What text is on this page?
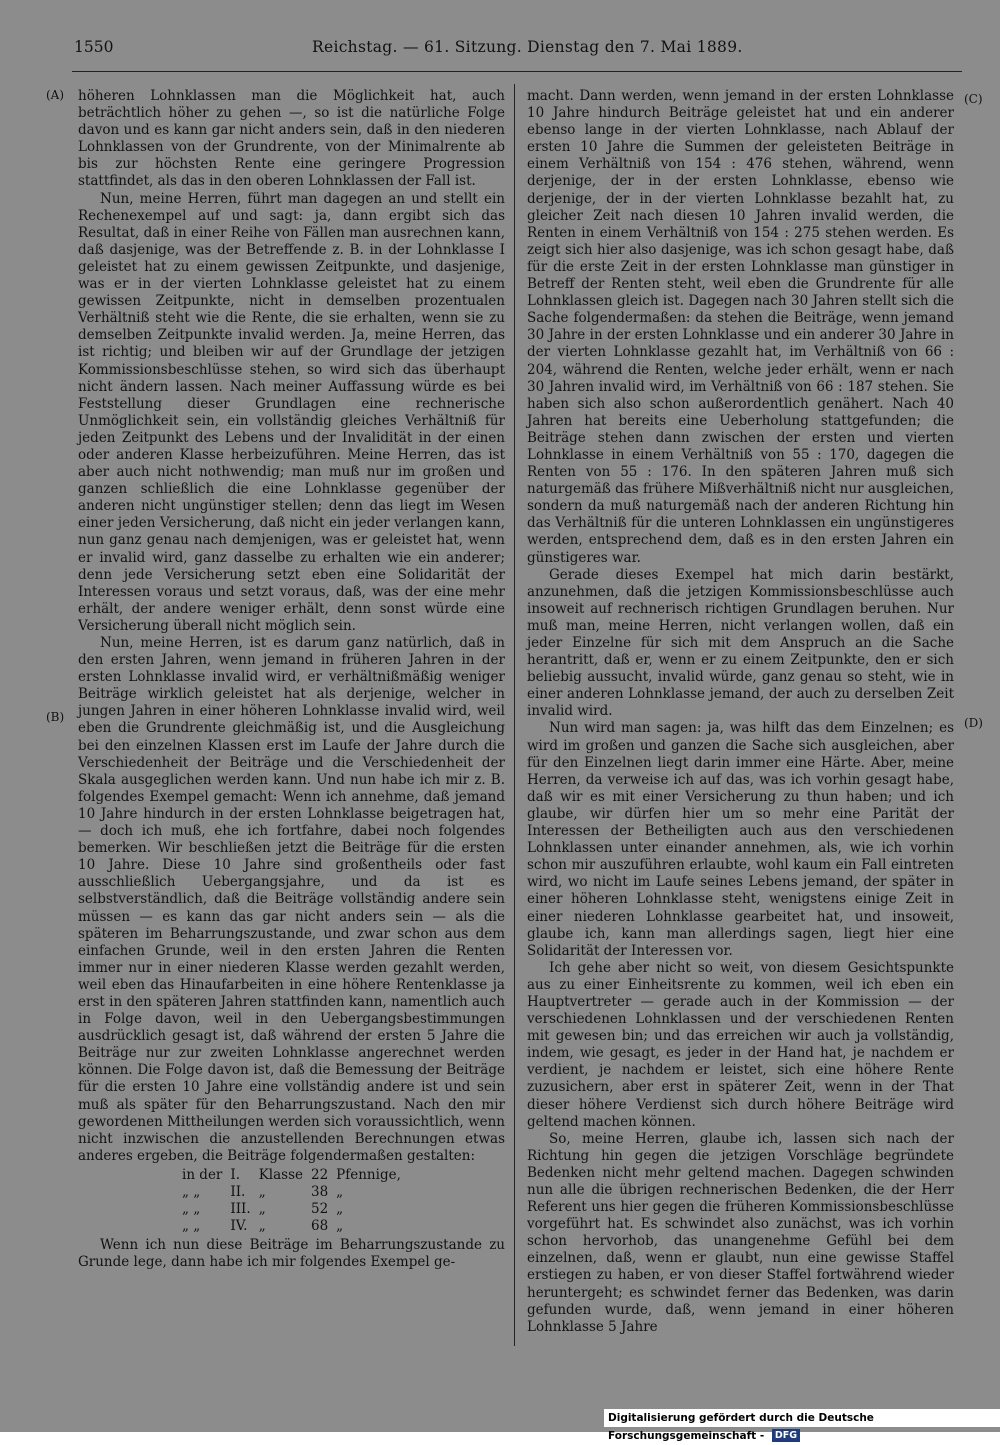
1550	Reichstag. — 61. Sitzung. Dienstag den 7. Mai 1889.
(A)
(B)
(C)
(D)

höheren Lohnklassen man die Möglichkeit hat, auch beträchtlich höher zu gehen —, so ist die natürliche Folge davon und es kann gar nicht anders sein, daß in den niederen Lohnklassen von der Grundrente, von der Minimalrente ab bis zur höchsten Rente eine geringere Progression stattfindet, als das in den oberen Lohnklassen der Fall ist.

Nun, meine Herren, führt man dagegen an und stellt ein Rechenexempel auf und sagt: ja, dann ergibt sich das Resultat, daß in einer Reihe von Fällen man ausrechnen kann, daß dasjenige, was der Betreffende z. B. in der Lohnklasse I geleistet hat zu einem gewissen Zeitpunkte, und dasjenige, was er in der vierten Lohnklasse geleistet hat zu einem gewissen Zeitpunkte, nicht in demselben prozentualen Verhältniß steht wie die Rente, die sie erhalten, wenn sie zu demselben Zeitpunkte invalid werden. Ja, meine Herren, das ist richtig; und bleiben wir auf der Grundlage der jetzigen Kommissionsbeschlüsse stehen, so wird sich das überhaupt nicht ändern lassen. Nach meiner Auffassung würde es bei Feststellung dieser Grundlagen eine rechnerische Unmöglichkeit sein, ein vollständig gleiches Verhältniß für jeden Zeitpunkt des Lebens und der Invalidität in der einen oder anderen Klasse herbeizuführen. Meine Herren, das ist aber auch nicht nothwendig; man muß nur im großen und ganzen schließlich die eine Lohnklasse gegenüber der anderen nicht ungünstiger stellen; denn das liegt im Wesen einer jeden Versicherung, daß nicht ein jeder verlangen kann, nun ganz genau nach demjenigen, was er geleistet hat, wenn er invalid wird, ganz dasselbe zu erhalten wie ein anderer; denn jede Versicherung setzt eben eine Solidarität der Interessen voraus und setzt voraus, daß, was der eine mehr erhält, der andere weniger erhält, denn sonst würde eine Versicherung überall nicht möglich sein.

Nun, meine Herren, ist es darum ganz natürlich, daß in den ersten Jahren, wenn jemand in früheren Jahren in der ersten Lohnklasse invalid wird, er verhältnißmäßig weniger Beiträge wirklich geleistet hat als derjenige, welcher in jungen Jahren in einer höheren Lohnklasse invalid wird, weil eben die Grundrente gleichmäßig ist, und die Ausgleichung bei den einzelnen Klassen erst im Laufe der Jahre durch die Verschiedenheit der Beiträge und die Verschiedenheit der Skala ausgeglichen werden kann. Und nun habe ich mir z. B. folgendes Exempel gemacht: Wenn ich annehme, daß jemand 10 Jahre hindurch in der ersten Lohnklasse beigetragen hat, — doch ich muß, ehe ich fortfahre, dabei noch folgendes bemerken. Wir beschließen jetzt die Beiträge für die ersten 10 Jahre. Diese 10 Jahre sind großentheils oder fast ausschließlich Uebergangsjahre, und da ist es selbstverständlich, daß die Beiträge vollständig andere sein müssen — es kann das gar nicht anders sein — als die späteren im Beharrungszustande, und zwar schon aus dem einfachen Grunde, weil in den ersten Jahren die Renten immer nur in einer niederen Klasse werden gezahlt werden, weil eben das Hinaufarbeiten in eine höhere Rentenklasse ja erst in den späteren Jahren stattfinden kann, namentlich auch in Folge davon, weil in den Uebergangsbestimmungen ausdrücklich gesagt ist, daß während der ersten 5 Jahre die Beiträge nur zur zweiten Lohnklasse angerechnet werden können. Die Folge davon ist, daß die Bemessung der Beiträge für die ersten 10 Jahre eine vollständig andere ist und sein muß als später für den Beharrungszustand. Nach den mir gewordenen Mittheilungen werden sich voraussichtlich, wenn nicht inzwischen die anzustellenden Berechnungen etwas anderes ergeben, die Beiträge folgendermaßen gestalten:

in der	I.	Klasse	22	Pfennige,
„ „	II.	„	38	„
„ „	III.	„	52	„
„ „	IV.	„	68	„

Wenn ich nun diese Beiträge im Beharrungszustande zu Grunde lege, dann habe ich mir folgendes Exempel ge-

macht. Dann werden, wenn jemand in der ersten Lohnklasse 10 Jahre hindurch Beiträge geleistet hat und ein anderer ebenso lange in der vierten Lohnklasse, nach Ablauf der ersten 10 Jahre die Summen der geleisteten Beiträge in einem Verhältniß von 154 : 476 stehen, während, wenn derjenige, der in der ersten Lohnklasse, ebenso wie derjenige, der in der vierten Lohnklasse bezahlt hat, zu gleicher Zeit nach diesen 10 Jahren invalid werden, die Renten in einem Verhältniß von 154 : 275 stehen werden. Es zeigt sich hier also dasjenige, was ich schon gesagt habe, daß für die erste Zeit in der ersten Lohnklasse man günstiger in Betreff der Renten steht, weil eben die Grundrente für alle Lohnklassen gleich ist. Dagegen nach 30 Jahren stellt sich die Sache folgendermaßen: da stehen die Beiträge, wenn jemand 30 Jahre in der ersten Lohnklasse und ein anderer 30 Jahre in der vierten Lohnklasse gezahlt hat, im Verhältniß von 66 : 204, während die Renten, welche jeder erhält, wenn er nach 30 Jahren invalid wird, im Verhältniß von 66 : 187 stehen. Sie haben sich also schon außerordentlich genähert. Nach 40 Jahren hat bereits eine Ueberholung stattgefunden; die Beiträge stehen dann zwischen der ersten und vierten Lohnklasse in einem Verhältniß von 55 : 170, dagegen die Renten von 55 : 176. In den späteren Jahren muß sich naturgemäß das frühere Mißverhältniß nicht nur ausgleichen, sondern da muß naturgemäß nach der anderen Richtung hin das Verhältniß für die unteren Lohnklassen ein ungünstigeres werden, entsprechend dem, daß es in den ersten Jahren ein günstigeres war.

Gerade dieses Exempel hat mich darin bestärkt, anzunehmen, daß die jetzigen Kommissionsbeschlüsse auch insoweit auf rechnerisch richtigen Grundlagen beruhen. Nur muß man, meine Herren, nicht verlangen wollen, daß ein jeder Einzelne für sich mit dem Anspruch an die Sache herantritt, daß er, wenn er zu einem Zeitpunkte, den er sich beliebig aussucht, invalid würde, ganz genau so steht, wie in einer anderen Lohnklasse jemand, der auch zu derselben Zeit invalid wird.

Nun wird man sagen: ja, was hilft das dem Einzelnen; es wird im großen und ganzen die Sache sich ausgleichen, aber für den Einzelnen liegt darin immer eine Härte. Aber, meine Herren, da verweise ich auf das, was ich vorhin gesagt habe, daß wir es mit einer Versicherung zu thun haben; und ich glaube, wir dürfen hier um so mehr eine Parität der Interessen der Betheiligten auch aus den verschiedenen Lohnklassen unter einander annehmen, als, wie ich vorhin schon mir auszuführen erlaubte, wohl kaum ein Fall eintreten wird, wo nicht im Laufe seines Lebens jemand, der später in einer höheren Lohnklasse steht, wenigstens einige Zeit in einer niederen Lohnklasse gearbeitet hat, und insoweit, glaube ich, kann man allerdings sagen, liegt hier eine Solidarität der Interessen vor.

Ich gehe aber nicht so weit, von diesem Gesichtspunkte aus zu einer Einheitsrente zu kommen, weil ich eben ein Hauptvertreter — gerade auch in der Kommission — der verschiedenen Lohnklassen und der verschiedenen Renten mit gewesen bin; und das erreichen wir auch ja vollständig, indem, wie gesagt, es jeder in der Hand hat, je nachdem er verdient, je nachdem er leistet, sich eine höhere Rente zuzusichern, aber erst in späterer Zeit, wenn in der That dieser höhere Verdienst sich durch höhere Beiträge wird geltend machen können.

So, meine Herren, glaube ich, lassen sich nach der Richtung hin gegen die jetzigen Vorschläge begründete Bedenken nicht mehr geltend machen. Dagegen schwinden nun alle die übrigen rechnerischen Bedenken, die der Herr Referent uns hier gegen die früheren Kommissionsbeschlüsse vorgeführt hat. Es schwindet also zunächst, was ich vorhin schon hervorhob, das unangenehme Gefühl bei dem einzelnen, daß, wenn er glaubt, nun eine gewisse Staffel erstiegen zu haben, er von dieser Staffel fortwährend wieder heruntergeht; es schwindet ferner das Bedenken, was darin gefunden wurde, daß, wenn jemand in einer höheren Lohnklasse 5 Jahre

Digitalisierung gefördert durch die Deutsche Forschungsgemeinschaft - DFG
